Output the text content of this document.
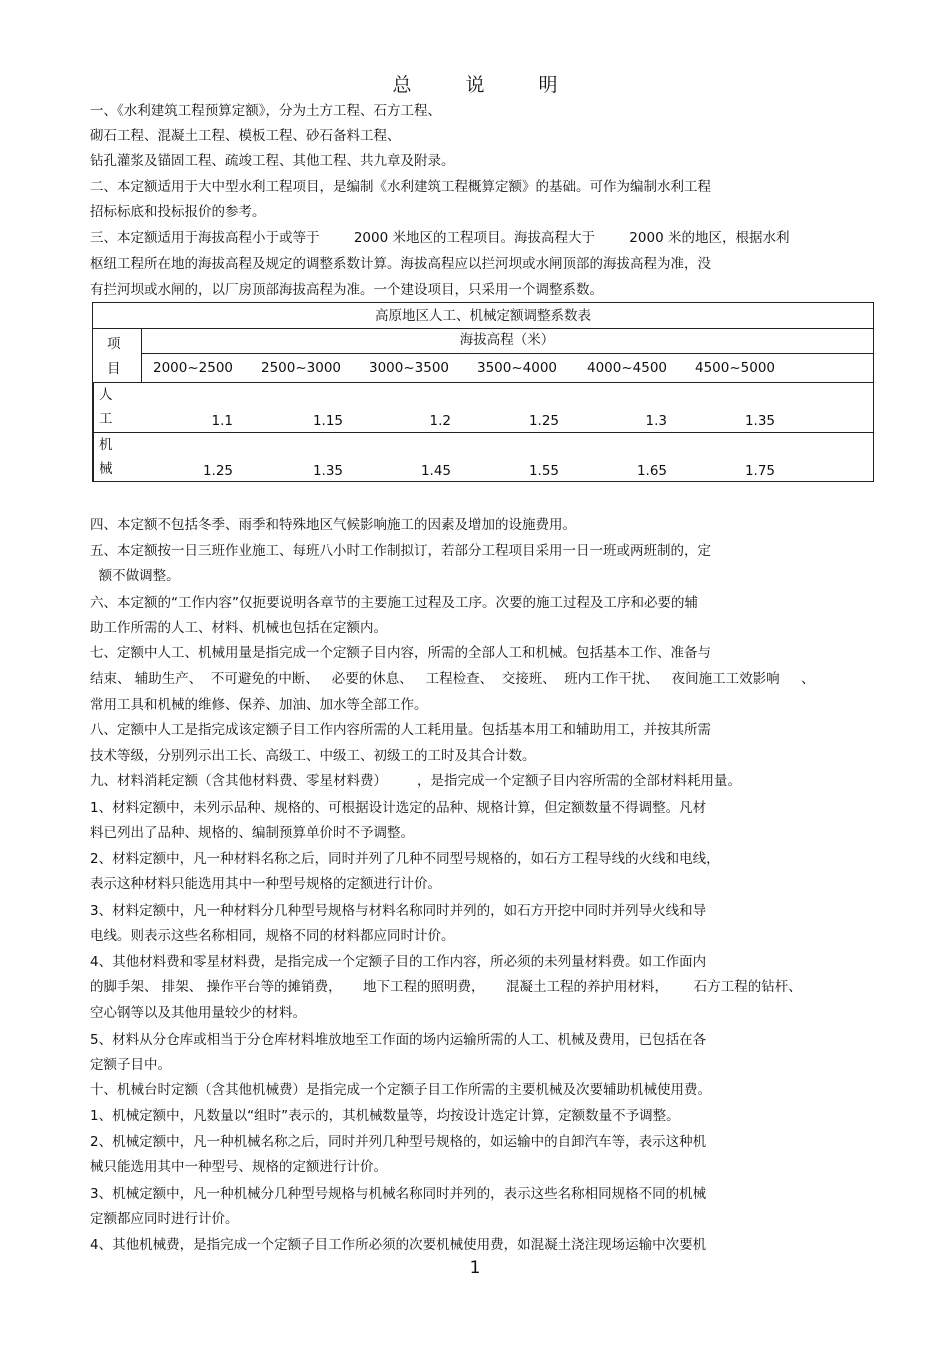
总 说 明
一、《水利建筑工程预算定额》，分为土方工程、石方工程、
砌石工程、混凝土工程、模板工程、砂石备料工程、
钻孔灌浆及锚固工程、疏竣工程、其他工程、共九章及附录。
二、本定额适用于大中型水利工程项目，是编制《水利建筑工程概算定额》的基础。可作为编制水利工程
招标标底和投标报价的参考。
三、本定额适用于海拔高程小于或等于        2000 米地区的工程项目。海拔高程大于        2000 米的地区，根据水利
枢纽工程所在地的海拔高程及规定的调整系数计算。海拔高程应以拦河坝或水闸顶部的海拔高程为准，没
有拦河坝或水闸的，以厂房顶部海拔高程为准。一个建设项目，只采用一个调整系数。
高原地区人工、机械定额调整系数表
项
目
海拔高程（米）
2000~2500	2500~3000	3000~3500	3500~4000	4000~4500	4500~5000
人
工	1.1	1.15	1.2	1.25	1.3	1.35
机
械	1.25	1.35	1.45	1.55	1.65	1.75
四、本定额不包括冬季、雨季和特殊地区气候影响施工的因素及增加的设施费用。
五、本定额按一日三班作业施工、每班八小时工作制拟订，若部分工程项目采用一日一班或两班制的，定
额不做调整。
六、本定额的“工作内容”仅扼要说明各章节的主要施工过程及工序。次要的施工过程及工序和必要的辅
助工作所需的人工、材料、机械也包括在定额内。
七、定额中人工、机械用量是指完成一个定额子目内容，所需的全部人工和机械。包括基本工作、准备与
结束、 辅助生产、  不可避免的中断、   必要的休息、   工程检查、  交接班、  班内工作干扰、   夜间施工工效影响     、
常用工具和机械的维修、保养、加油、加水等全部工作。
八、定额中人工是指完成该定额子目工作内容所需的人工耗用量。包括基本用工和辅助用工，并按其所需
技术等级，分别列示出工长、高级工、中级工、初级工的工时及其合计数。
九、材料消耗定额（含其他材料费、零星材料费）       ，是指完成一个定额子目内容所需的全部材料耗用量。
1、材料定额中，未列示品种、规格的、可根据设计选定的品种、规格计算，但定额数量不得调整。凡材
料已列出了品种、规格的、编制预算单价时不予调整。
2、材料定额中，凡一种材料名称之后，同时并列了几种不同型号规格的，如石方工程导线的火线和电线，
表示这种材料只能选用其中一种型号规格的定额进行计价。
3、材料定额中，凡一种材料分几种型号规格与材料名称同时并列的，如石方开挖中同时并列导火线和导
电线。则表示这些名称相同，规格不同的材料都应同时计价。
4、其他材料费和零星材料费，是指完成一个定额子目的工作内容，所必须的未列量材料费。如工作面内
的脚手架、 排架、 操作平台等的摊销费，     地下工程的照明费，     混凝土工程的养护用材料，      石方工程的钻杆、
空心钢等以及其他用量较少的材料。
5、材料从分仓库或相当于分仓库材料堆放地至工作面的场内运输所需的人工、机械及费用，已包括在各
定额子目中。
十、机械台时定额（含其他机械费）是指完成一个定额子目工作所需的主要机械及次要辅助机械使用费。
1、机械定额中，凡数量以“组时”表示的，其机械数量等，均按设计选定计算，定额数量不予调整。
2、机械定额中，凡一种机械名称之后，同时并列几种型号规格的，如运输中的自卸汽车等，表示这种机
械只能选用其中一种型号、规格的定额进行计价。
3、机械定额中，凡一种机械分几种型号规格与机械名称同时并列的，表示这些名称相同规格不同的机械
定额都应同时进行计价。
4、其他机械费，是指完成一个定额子目工作所必须的次要机械使用费，如混凝土浇注现场运输中次要机
1
